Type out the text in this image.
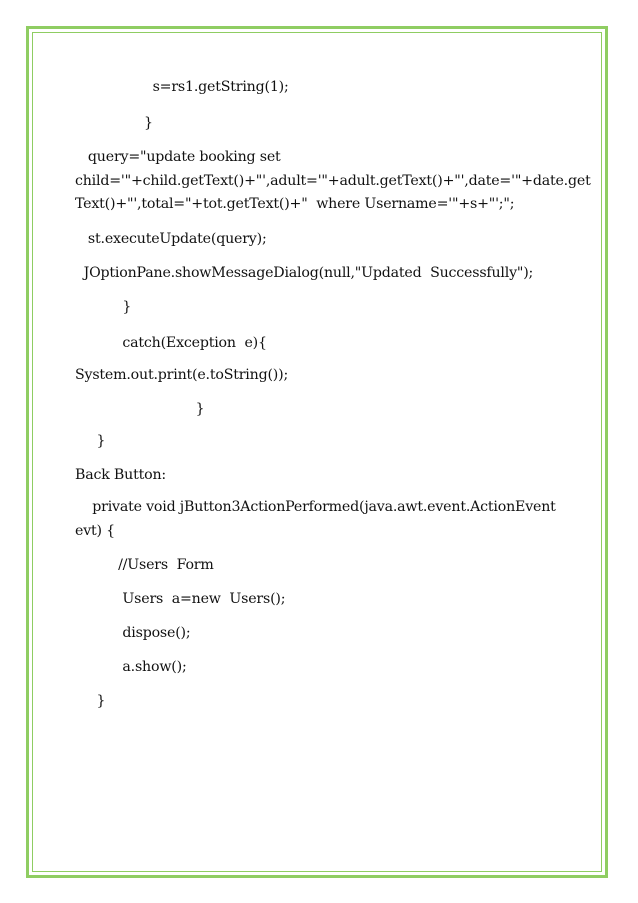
s=rs1.getString(1);
}
query="update booking set
child='"+child.getText()+"',adult='"+adult.getText()+"',date='"+date.get
Text()+"',total="+tot.getText()+"  where Username='"+s+"';";
st.executeUpdate(query);
JOptionPane.showMessageDialog(null,"Updated  Successfully");
}
catch(Exception  e){
System.out.print(e.toString());
}
}
Back Button:
private void jButton3ActionPerformed(java.awt.event.ActionEvent
evt) {
//Users  Form
Users  a=new  Users();
dispose();
a.show();
}
